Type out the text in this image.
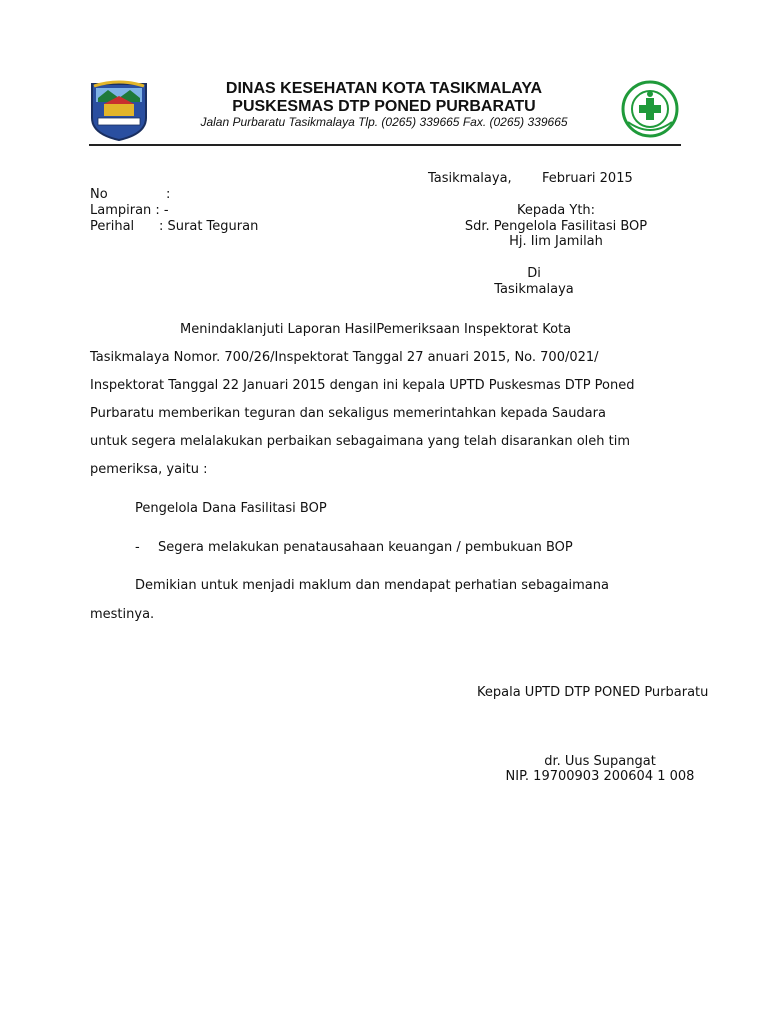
DINAS KESEHATAN KOTA TASIKMALAYA
PUSKESMAS DTP PONED PURBARATU
Jalan Purbaratu Tasikmalaya Tlp. (0265) 339665 Fax. (0265) 339665
Tasikmalaya, Februari 2015
No	:
Lampiran : -
Perihal : Surat Teguran
Kepada Yth:
Sdr. Pengelola Fasilitasi BOP
Hj. Iim Jamilah
Di
Tasikmalaya
Menindaklanjuti Laporan HasilPemeriksaan Inspektorat Kota
Tasikmalaya Nomor. 700/26/Inspektorat Tanggal 27 anuari 2015, No. 700/021/
Inspektorat Tanggal 22 Januari 2015 dengan ini kepala UPTD Puskesmas DTP Poned
Purbaratu memberikan teguran dan sekaligus memerintahkan kepada Saudara
untuk segera melalakukan perbaikan sebagaimana yang telah disarankan oleh tim
pemeriksa, yaitu :
Pengelola Dana Fasilitasi BOP
- Segera melakukan penatausahaan keuangan / pembukuan BOP
Demikian untuk menjadi maklum dan mendapat perhatian sebagaimana
mestinya.
Kepala UPTD DTP PONED Purbaratu
dr. Uus Supangat
NIP. 19700903 200604 1 008
